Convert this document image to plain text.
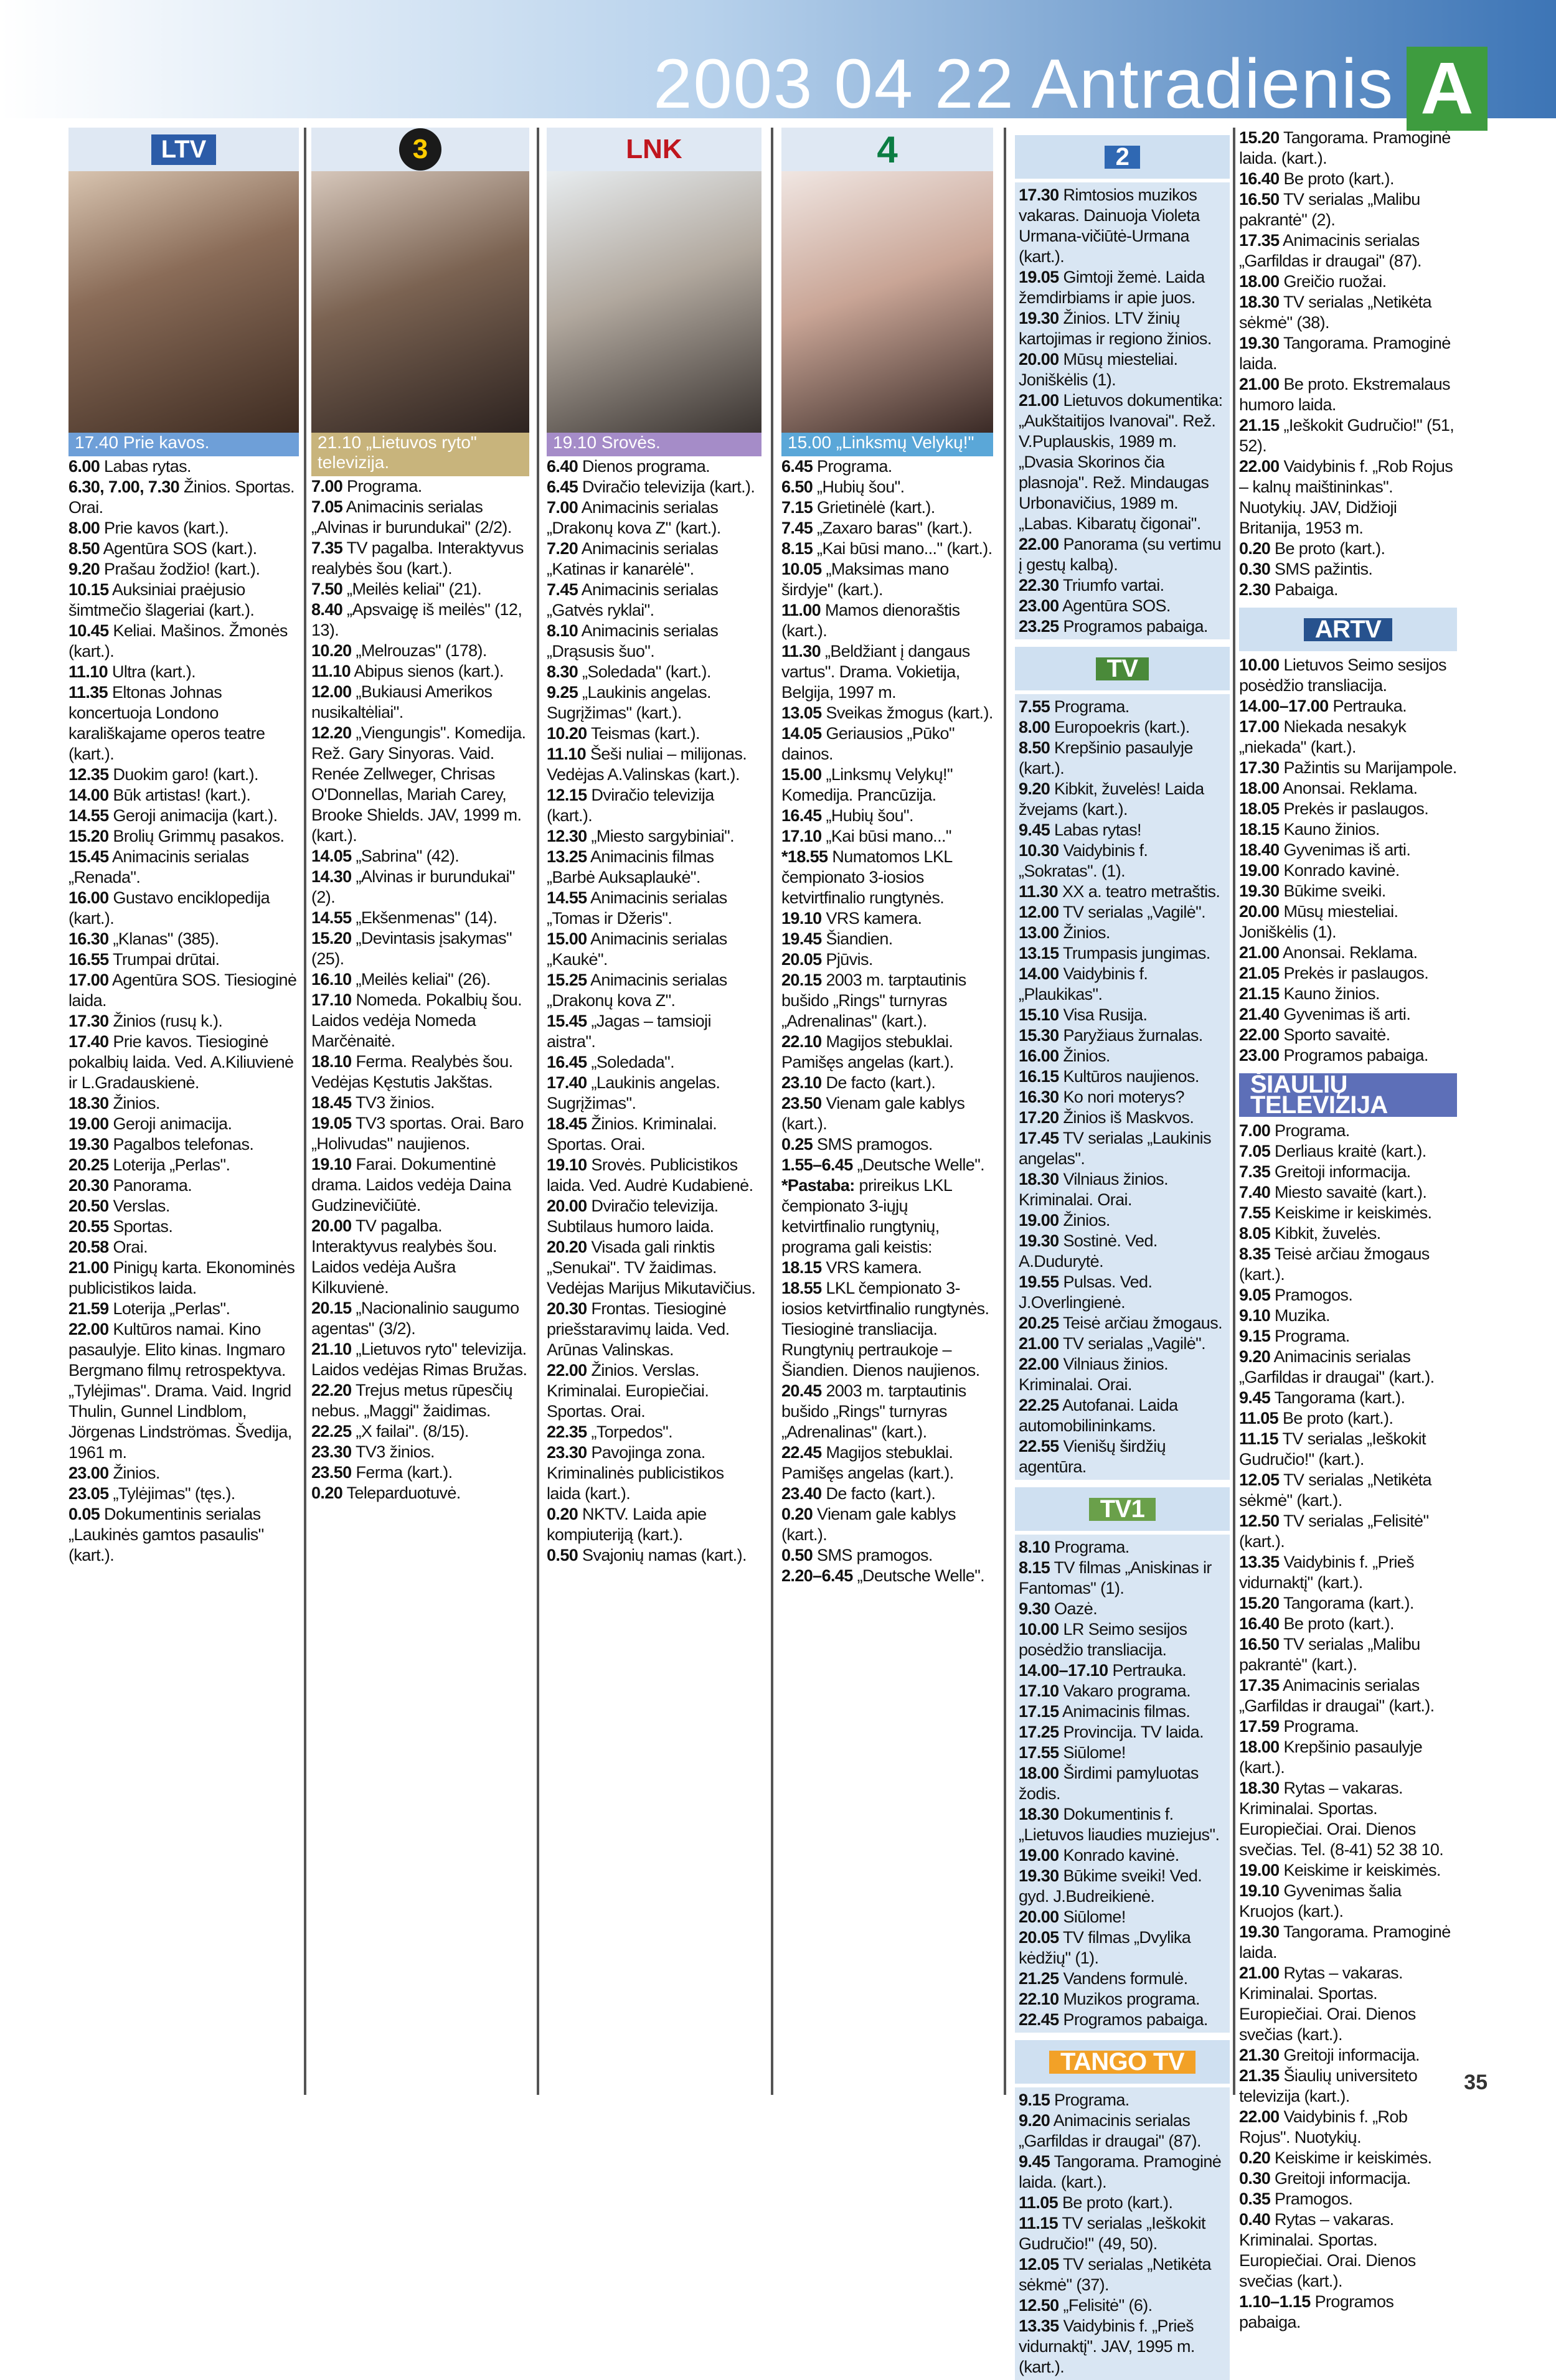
2003 04 22 Antradienis A
LTV
17.40 Prie kavos.

6.00 Labas rytas.

6.30, 7.00, 7.30 Žinios. Sportas. Orai.

8.00 Prie kavos (kart.).

8.50 Agentūra SOS (kart.).

9.20 Prašau žodžio! (kart.).

10.15 Auksiniai praėjusio šimtmečio šlageriai (kart.).

10.45 Keliai. Mašinos. Žmonės (kart.).

11.10 Ultra (kart.).

11.35 Eltonas Johnas koncertuoja Londono karališkajame operos teatre (kart.).

12.35 Duokim garo! (kart.).

14.00 Būk artistas! (kart.).

14.55 Geroji animacija (kart.).

15.20 Brolių Grimmų pasakos.

15.45 Animacinis serialas „Renada".

16.00 Gustavo enciklopedija (kart.).

16.30 „Klanas" (385).

16.55 Trumpai drūtai.

17.00 Agentūra SOS. Tiesioginė laida.

17.30 Žinios (rusų k.).

17.40 Prie kavos. Tiesioginė pokalbių laida. Ved. A.Kiliuvienė ir L.Gradauskienė.

18.30 Žinios.

19.00 Geroji animacija.

19.30 Pagalbos telefonas.

20.25 Loterija „Perlas".

20.30 Panorama.

20.50 Verslas.

20.55 Sportas.

20.58 Orai.

21.00 Pinigų karta. Ekonominės publicistikos laida.

21.59 Loterija „Perlas".

22.00 Kultūros namai. Kino pasaulyje. Elito kinas. Ingmaro Bergmano filmų retrospektyva. „Tylėjimas". Drama. Vaid. Ingrid Thulin, Gunnel Lindblom, Jörgenas Lindströmas. Švedija, 1961 m.

23.00 Žinios.

23.05 „Tylėjimas" (tęs.).

0.05 Dokumentinis serialas „Laukinės gamtos pasaulis" (kart.).

3
21.10 „Lietuvos ryto" televizija.

7.00 Programa.

7.05 Animacinis serialas „Alvinas ir burundukai" (2/2).

7.35 TV pagalba. Interaktyvus realybės šou (kart.).

7.50 „Meilės keliai" (21).

8.40 „Apsvaigę iš meilės" (12, 13).

10.20 „Melrouzas" (178).

11.10 Abipus sienos (kart.).

12.00 „Bukiausi Amerikos nusikaltėliai".

12.20 „Viengungis". Komedija. Rež. Gary Sinyoras. Vaid. Renée Zellweger, Chrisas O'Donnellas, Mariah Carey, Brooke Shields. JAV, 1999 m. (kart.).

14.05 „Sabrina" (42).

14.30 „Alvinas ir burundukai" (2).

14.55 „Ekšenmenas" (14).

15.20 „Devintasis įsakymas" (25).

16.10 „Meilės keliai" (26).

17.10 Nomeda. Pokalbių šou. Laidos vedėja Nomeda Marčėnaitė.

18.10 Ferma. Realybės šou. Vedėjas Kęstutis Jakštas.

18.45 TV3 žinios.

19.05 TV3 sportas. Orai. Baro „Holivudas" naujienos.

19.10 Farai. Dokumentinė drama. Laidos vedėja Daina Gudzinevičiūtė.

20.00 TV pagalba. Interaktyvus realybės šou. Laidos vedėja Aušra Kilkuvienė.

20.15 „Nacionalinio saugumo agentas" (3/2).

21.10 „Lietuvos ryto" televizija. Laidos vedėjas Rimas Bružas.

22.20 Trejus metus rūpesčių nebus. „Maggi" žaidimas.

22.25 „X failai". (8/15).

23.30 TV3 žinios.

23.50 Ferma (kart.).

0.20 Teleparduotuvė.

LNK
19.10 Srovės.

6.40 Dienos programa.

6.45 Dviračio televizija (kart.).

7.00 Animacinis serialas „Drakonų kova Z" (kart.).

7.20 Animacinis serialas „Katinas ir kanarėlė".

7.45 Animacinis serialas „Gatvės ryklai".

8.10 Animacinis serialas „Drąsusis šuo".

8.30 „Soledada" (kart.).

9.25 „Laukinis angelas. Sugrįžimas" (kart.).

10.20 Teismas (kart.).

11.10 Šeši nuliai – milijonas. Vedėjas A.Valinskas (kart.).

12.15 Dviračio televizija (kart.).

12.30 „Miesto sargybiniai".

13.25 Animacinis filmas „Barbė Auksaplaukė".

14.55 Animacinis serialas „Tomas ir Džeris".

15.00 Animacinis serialas „Kaukė".

15.25 Animacinis serialas „Drakonų kova Z".

15.45 „Jagas – tamsioji aistra".

16.45 „Soledada".

17.40 „Laukinis angelas. Sugrįžimas".

18.45 Žinios. Kriminalai. Sportas. Orai.

19.10 Srovės. Publicistikos laida. Ved. Audrė Kudabienė.

20.00 Dviračio televizija. Subtilaus humoro laida.

20.20 Visada gali rinktis „Senukai". TV žaidimas. Vedėjas Marijus Mikutavičius.

20.30 Frontas. Tiesioginė priešstaravimų laida. Ved. Arūnas Valinskas.

22.00 Žinios. Verslas. Kriminalai. Europiečiai. Sportas. Orai.

22.35 „Torpedos".

23.30 Pavojinga zona. Kriminalinės publicistikos laida (kart.).

0.20 NKTV. Laida apie kompiuteriją (kart.).

0.50 Svajonių namas (kart.).

4
15.00 „Linksmų Velykų!"

6.45 Programa.

6.50 „Hubių šou".

7.15 Grietinėlė (kart.).

7.45 „Zaxaro baras" (kart.).

8.15 „Kai būsi mano..." (kart.).

10.05 „Maksimas mano širdyje" (kart.).

11.00 Mamos dienoraštis (kart.).

11.30 „Beldžiant į dangaus vartus". Drama. Vokietija, Belgija, 1997 m.

13.05 Sveikas žmogus (kart.).

14.05 Geriausios „Pūko" dainos.

15.00 „Linksmų Velykų!" Komedija. Prancūzija.

16.45 „Hubių šou".

17.10 „Kai būsi mano..."

*18.55 Numatomos LKL čempionato 3-iosios ketvirtfinalio rungtynės.

19.10 VRS kamera.

19.45 Šiandien.

20.05 Pjūvis.

20.15 2003 m. tarptautinis bušido „Rings" turnyras „Adrenalinas" (kart.).

22.10 Magijos stebuklai. Pamišęs angelas (kart.).

23.10 De facto (kart.).

23.50 Vienam gale kablys (kart.).

0.25 SMS pramogos.

1.55–6.45 „Deutsche Welle".

*Pastaba: prireikus LKL čempionato 3-iųjų ketvirtfinalio rungtynių, programa gali keistis:

18.15 VRS kamera.

18.55 LKL čempionato 3-iosios ketvirtfinalio rungtynės. Tiesioginė transliacija. Rungtynių pertraukoje – Šiandien. Dienos naujienos.

20.45 2003 m. tarptautinis bušido „Rings" turnyras „Adrenalinas" (kart.).

22.45 Magijos stebuklai. Pamišęs angelas (kart.).

23.40 De facto (kart.).

0.20 Vienam gale kablys (kart.).

0.50 SMS pramogos.

2.20–6.45 „Deutsche Welle".

2

17.30 Rimtosios muzikos vakaras. Dainuoja Violeta Urmana-vičiūtė-Urmana (kart.).

19.05 Gimtoji žemė. Laida žemdirbiams ir apie juos.

19.30 Žinios. LTV žinių kartojimas ir regiono žinios.

20.00 Mūsų miesteliai. Joniškėlis (1).

21.00 Lietuvos dokumentika: „Aukštaitijos Ivanovai". Rež. V.Puplauskis, 1989 m. „Dvasia Skorinos čia plasnoja". Rež. Mindaugas Urbonavičius, 1989 m. „Labas. Kibaratų čigonai".

22.00 Panorama (su vertimu į gestų kalbą).

22.30 Triumfo vartai.

23.00 Agentūra SOS.

23.25 Programos pabaiga.

TV

7.55 Programa.

8.00 Europoekris (kart.).

8.50 Krepšinio pasaulyje (kart.).

9.20 Kibkit, žuvelės! Laida žvejams (kart.).

9.45 Labas rytas!

10.30 Vaidybinis f. „Sokratas". (1).

11.30 XX a. teatro metraštis.

12.00 TV serialas „Vagilė".

13.00 Žinios.

13.15 Trumpasis jungimas.

14.00 Vaidybinis f. „Plaukikas".

15.10 Visa Rusija.

15.30 Paryžiaus žurnalas.

16.00 Žinios.

16.15 Kultūros naujienos.

16.30 Ko nori moterys?

17.20 Žinios iš Maskvos.

17.45 TV serialas „Laukinis angelas".

18.30 Vilniaus žinios. Kriminalai. Orai.

19.00 Žinios.

19.30 Sostinė. Ved. A.Dudurytė.

19.55 Pulsas. Ved. J.Overlingienė.

20.25 Teisė arčiau žmogaus.

21.00 TV serialas „Vagilė".

22.00 Vilniaus žinios. Kriminalai. Orai.

22.25 Autofanai. Laida automobilininkams.

22.55 Vienišų širdžių agentūra.

TV1

8.10 Programa.

8.15 TV filmas „Aniskinas ir Fantomas" (1).

9.30 Oazė.

10.00 LR Seimo sesijos posėdžio transliacija.

14.00–17.10 Pertrauka.

17.10 Vakaro programa.

17.15 Animacinis filmas.

17.25 Provincija. TV laida.

17.55 Siūlome!

18.00 Širdimi pamyluotas žodis.

18.30 Dokumentinis f. „Lietuvos liaudies muziejus".

19.00 Konrado kavinė.

19.30 Būkime sveiki! Ved. gyd. J.Budreikienė.

20.00 Siūlome!

20.05 TV filmas „Dvylika kėdžių" (1).

21.25 Vandens formulė.

22.10 Muzikos programa.

22.45 Programos pabaiga.

TANGO TV

9.15 Programa.

9.20 Animacinis serialas „Garfildas ir draugai" (87).

9.45 Tangorama. Pramoginė laida. (kart.).

11.05 Be proto (kart.).

11.15 TV serialas „Ieškokit Gudručio!" (49, 50).

12.05 TV serialas „Netikėta sėkmė" (37).

12.50 „Felisitė" (6).

13.35 Vaidybinis f. „Prieš vidurnaktį". JAV, 1995 m. (kart.).

15.20 Tangorama. Pramoginė laida. (kart.).

16.40 Be proto (kart.).

16.50 TV serialas „Malibu pakrantė" (2).

17.35 Animacinis serialas „Garfildas ir draugai" (87).

18.00 Greičio ruožai.

18.30 TV serialas „Netikėta sėkmė" (38).

19.30 Tangorama. Pramoginė laida.

21.00 Be proto. Ekstremalaus humoro laida.

21.15 „Ieškokit Gudručio!" (51, 52).

22.00 Vaidybinis f. „Rob Rojus – kalnų maištininkas". Nuotykių. JAV, Didžioji Britanija, 1953 m.

0.20 Be proto (kart.).

0.30 SMS pažintis.

2.30 Pabaiga.

ARTV

10.00 Lietuvos Seimo sesijos posėdžio transliacija.

14.00–17.00 Pertrauka.

17.00 Niekada nesakyk „niekada" (kart.).

17.30 Pažintis su Marijampole.

18.00 Anonsai. Reklama.

18.05 Prekės ir paslaugos.

18.15 Kauno žinios.

18.40 Gyvenimas iš arti.

19.00 Konrado kavinė.

19.30 Būkime sveiki.

20.00 Mūsų miesteliai. Joniškėlis (1).

21.00 Anonsai. Reklama.

21.05 Prekės ir paslaugos.

21.15 Kauno žinios.

21.40 Gyvenimas iš arti.

22.00 Sporto savaitė.

23.00 Programos pabaiga.

ŠIAULIŲ TELEVIZIJA

7.00 Programa.

7.05 Derliaus kraitė (kart.).

7.35 Greitoji informacija.

7.40 Miesto savaitė (kart.).

7.55 Keiskime ir keiskimės.

8.05 Kibkit, žuvelės.

8.35 Teisė arčiau žmogaus (kart.).

9.05 Pramogos.

9.10 Muzika.

9.15 Programa.

9.20 Animacinis serialas „Garfildas ir draugai" (kart.).

9.45 Tangorama (kart.).

11.05 Be proto (kart.).

11.15 TV serialas „Ieškokit Gudručio!" (kart.).

12.05 TV serialas „Netikėta sėkmė" (kart.).

12.50 TV serialas „Felisitė" (kart.).

13.35 Vaidybinis f. „Prieš vidurnaktį" (kart.).

15.20 Tangorama (kart.).

16.40 Be proto (kart.).

16.50 TV serialas „Malibu pakrantė" (kart.).

17.35 Animacinis serialas „Garfildas ir draugai" (kart.).

17.59 Programa.

18.00 Krepšinio pasaulyje (kart.).

18.30 Rytas – vakaras. Kriminalai. Sportas. Europiečiai. Orai. Dienos svečias. Tel. (8-41) 52 38 10.

19.00 Keiskime ir keiskimės.

19.10 Gyvenimas šalia Kruojos (kart.).

19.30 Tangorama. Pramoginė laida.

21.00 Rytas – vakaras. Kriminalai. Sportas. Europiečiai. Orai. Dienos svečias (kart.).

21.30 Greitoji informacija.

21.35 Šiaulių universiteto televizija (kart.).

22.00 Vaidybinis f. „Rob Rojus". Nuotykių.

0.20 Keiskime ir keiskimės.

0.30 Greitoji informacija.

0.35 Pramogos.

0.40 Rytas – vakaras. Kriminalai. Sportas. Europiečiai. Orai. Dienos svečias (kart.).

1.10–1.15 Programos pabaiga.

35
